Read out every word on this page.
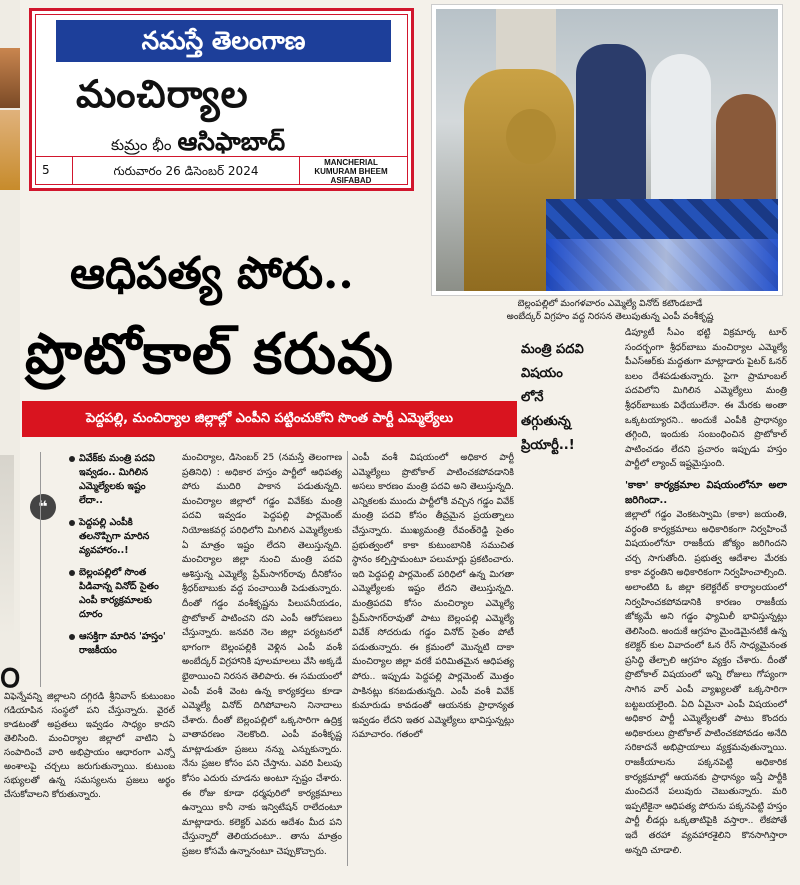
నమస్తే తెలంగాణ
మంచిర్యాల
కుమ్రం భీం ఆసిఫాబాద్
5	గురువారం 26 డిసెంబర్ 2024
MANCHERIAL
KUMURAM BHEEM
ASIFABAD
బెల్లంపల్లిలో మంగళవారం ఎమ్మెల్యే వినోద్ కటౌండబాడే
అంబేద్కర్ విగ్రహం వద్ద నిరసన తెలుపుతున్న ఎంపీ వంశీకృష్ణ
ఆధిపత్య పోరు..
ప్రొటోకాల్ కరువు	మంత్రి పదవి
విషయం
లోనే
తగ్గుతున్న
ప్రియార్టీ..!
పెద్దపల్లి, మంచిర్యాల జిల్లాల్లో ఎంపీని పట్టించుకోని సొంత పార్టీ ఎమ్మెల్యేలు

డిప్యూటీ సీఎం భట్టి విక్రమార్క టూర్ సందర్భంగా శ్రీధర్‌బాబు మంచిర్యాల ఎమ్మెల్యే పీఎస్‌ఆర్‌కు మద్దతుగా మాట్లాడారు పైటర్ ఓనర్ బలం దేశపడుతున్నారు. పైగా ప్రామాంబల్ పదవిలోని మిగిలిన ఎమ్మెల్యేలు మంత్రి శ్రీధర్‌బాబుకు విధేయులేనా. ఈ మేరకు అంతా ఒక్కటయ్యారని.. అందుకే ఎంపీకి ప్రాధాన్యం తగ్గింది, ఇందుకు సంబంధించిన ప్రొటోకాల్ పాటించడం లేదని ప్రచారం ఇప్పుడు హస్తం పార్టీలో ల్యాంచ్ ఇష్టమైస్తుంది.

'కాకా' కార్యక్రమాల విషయంలోనూ అలా జరిగిందా..

జిల్లాలో గడ్డం వెంకటస్వామి (కాకా) జయంతి, వర్ధంతి కార్యక్రమాలు అధికారికంగా నిర్వహించే విషయంలోనూ రాజకీయ జోక్యం జరిగిందని చర్చ సాగుతోంది. ప్రభుత్వ ఆదేశాల మేరకు కాకా వర్ధంతిని అధికారికంగా నిర్వహించాల్సింది. అలాంటిది ఓ జిల్లా కలెక్టరేట్ కార్యాలయంలో నిర్వహించకపోవడానికి కారణం రాజకీయ జోక్యమే అని గడ్డం ఫ్యామిలీ భావిస్తున్నట్లు తెలిసింది. అందుకే ఆగ్రహం మైండెమైనటికే ఉన్న కలెక్టర్ కుల వివాదంలో ఓన రేస్ సాధ్యమైనంత ప్రసిద్ధి తేల్చాలి ఆగ్రహం వ్యక్తం చేశారు. దీంతో ప్రొటోకాల్ విషయంలో ఇన్ని రోజులు గోప్యంగా సాగిన వార్ ఎంపీ వ్యాఖ్యలతో ఒక్కసారిగా బట్టబయలైంది. ఏది ఏమైనా ఎంపీ విషయంలో అధికార పార్టీ ఎమ్మెల్యేలతో పాటు కొందరు అధికారులు ప్రొటోకాల్ పాటించకపోవడం అనేది సరికాదనే అభిప్రాయాలు వ్యక్తమవుతున్నాయి. రాజకీయాలను పక్కనపెట్టి అధికారిక కార్యక్రమాల్లో ఆయనకు ప్రాధాన్యం ఇస్తే పార్టీకి మంచిదనే పలువురు చెబుతున్నారు. మరి ఇప్పటికైనా ఆధిపత్య పోరును పక్కనపెట్టి హస్తం పార్టీ లీడర్లు ఒక్కతాటిపైకి వస్తారా.. లేకపోతే ఇదే తరహా వ్యవహారశైలిని కొనసాగిస్తారా అన్నది చూడాలి.

❝
వివేక్‌కు మంత్రి పదవి ఇవ్వడం.. మిగిలిన ఎమ్మెల్యేలకు ఇష్టం లేదా..
పెద్దపల్లి ఎంపీకి తలనొప్పిగా మారిన వ్యవహారం..!
బెల్లంపల్లిలో సొంత పిడివాన్న వినోద్ సైతం ఎంపీ కార్యక్రమాలకు దూరం
ఆసక్తిగా మారిన 'హస్తం' రాజకీయం

మంచిర్యాల, డిసెంబర్ 25 (నమస్తే తెలంగాణ ప్రతినిధి) : అధికార హస్తం పార్టీలో ఆధిపత్య పోరు ముదిరి పాకాన పడుతున్నది. మంచిర్యాల జిల్లాలో గడ్డం వివేక్‌కు మంత్రి పదవి ఇవ్వడం పెద్దపల్లి పార్లమెంట్ నియోజకవర్గ పరిధిలోని మిగిలిన ఎమ్మెల్యేలకు ఏ మాత్రం ఇష్టం లేదని తెలుస్తున్నది. మంచిర్యాల జిల్లా నుంచి మంత్రి పదవి ఆశిస్తున్న ఎమ్మెల్యే ప్రేమ్‌సాగర్‌రావు దీనికోసం శ్రీధర్‌బాబుకు వద్ద పంచాయితీ పెడుతున్నారు. దీంతో గడ్డం వంశీకృష్ణను పిలుపనీయడం, ప్రొటోకాల్ పాటించని దని ఎంపీ ఆరోపణలు చేస్తున్నారు. జనవరి నెల జిల్లా పర్యటనలో భాగంగా బెల్లంపల్లికి వెళ్లిన ఎంపీ వంశీ అంబేద్కర్ విగ్రహానికి పూలమాలలు వేసి అక్కడే భైఠాయించి నిరసన తెలిపారు. ఈ సమయంలో ఎంపీ వంశీ వెంట ఉన్న కార్యకర్తలు కూడా ఎమ్మెల్యే వినోద్ దిగిపోవాలని నినాదాలు చేశారు. దీంతో బెల్లంపల్లిలో ఒక్కసారిగా ఉద్రిక్త వాతావరణం నెలకొంది. ఎంపీ వంశీకృష్ణ మాట్లాడుతూ ప్రజలు నన్ను ఎన్నుకున్నారు. నేను ప్రజల కోసం పని చేస్తాను. ఎవరి పిలుపు కోసం ఎదురు చూడను అంటూ స్పష్టం చేశారు. ఈ రోజు కూడా ధర్మపురిలో కార్యక్రమాలు ఉన్నాయి కానీ నాకు ఇన్విటేషన్ రాలేదంటూ మాట్లాడారు. కలెక్టర్ ఎవరు ఆదేశం మీద పని చేస్తున్నారో తెలియదంటూ.. తాను మాత్రం ప్రజల కోసమే ఉన్నానంటూ చెప్పుకొచ్చారు.

ఎంపీ వంశీ విషయంలో అధికార పార్టీ ఎమ్మెల్యేలు ప్రొటోకాల్ పాటించకపోవడానికి అసలు కారణం మంత్రి పదవి అని తెలుస్తున్నది. ఎన్నికలకు ముందు పార్టీలోకి వచ్చిన గడ్డం వివేక్ మంత్రి పదవి కోసం తీవ్రమైన ప్రయత్నాలు చేస్తున్నారు. ముఖ్యమంత్రి రేవంత్‌రెడ్డి సైతం ప్రభుత్వంలో కాకా కుటుంబానికి సముచిత స్థానం కల్పిస్తామంటూ పలుమార్లు ప్రకటించారు. ఇది పెద్దపల్లి పార్లమెంట్ పరిధిలో ఉన్న మిగతా ఎమ్మెల్యేలకు ఇష్టం లేదని తెలుస్తున్నది. మంత్రిపదవి కోసం మంచిర్యాల ఎమ్మెల్యే ప్రేమ్‌సాగర్‌రావుతో పాటు బెల్లంపల్లి ఎమ్మెల్యే వివేక్ సోదరుడు గడ్డం వినోద్ సైతం పోటీ పడుతున్నారు. ఈ క్రమంలో మొన్నటి దాకా మంచిర్యాల జిల్లా వరకే పరిమితమైన ఆధిపత్య పోరు.. ఇప్పుడు పెద్దపల్లి పార్లమెంట్ మొత్తం పాకినట్లు కనబడుతున్నది. ఎంపీ వంశీ వివేక్ కుమారుడు కావడంతో ఆయనకు ప్రాధాన్యత ఇవ్వడం లేదని ఇతర ఎమ్మెల్యేలు భావిస్తున్నట్లు సమాచారం. గతంలో

౦

విఫెన్నేవన్ని జిల్లాలని దగ్గిరడి శ్రీనివాస్ కుటుంబం గడియాపిన సంస్థలో పని చేస్తున్నారు. వైరల్ కాడటంతో అప్రతలు ఇవ్వడం సాధ్యం కాదని తెలిసింది. మంచిర్యాల జిల్లాలో వాటిని ఏ సంపాదించే వారి అభిప్రాయం ఆధారంగా ఎన్నో అంశాలపై చర్చలు జరుగుతున్నాయి. కుటుంబ సభ్యులతో ఉన్న సమస్యలను ప్రజలు అర్థం చేసుకోవాలని కోరుతున్నారు.
